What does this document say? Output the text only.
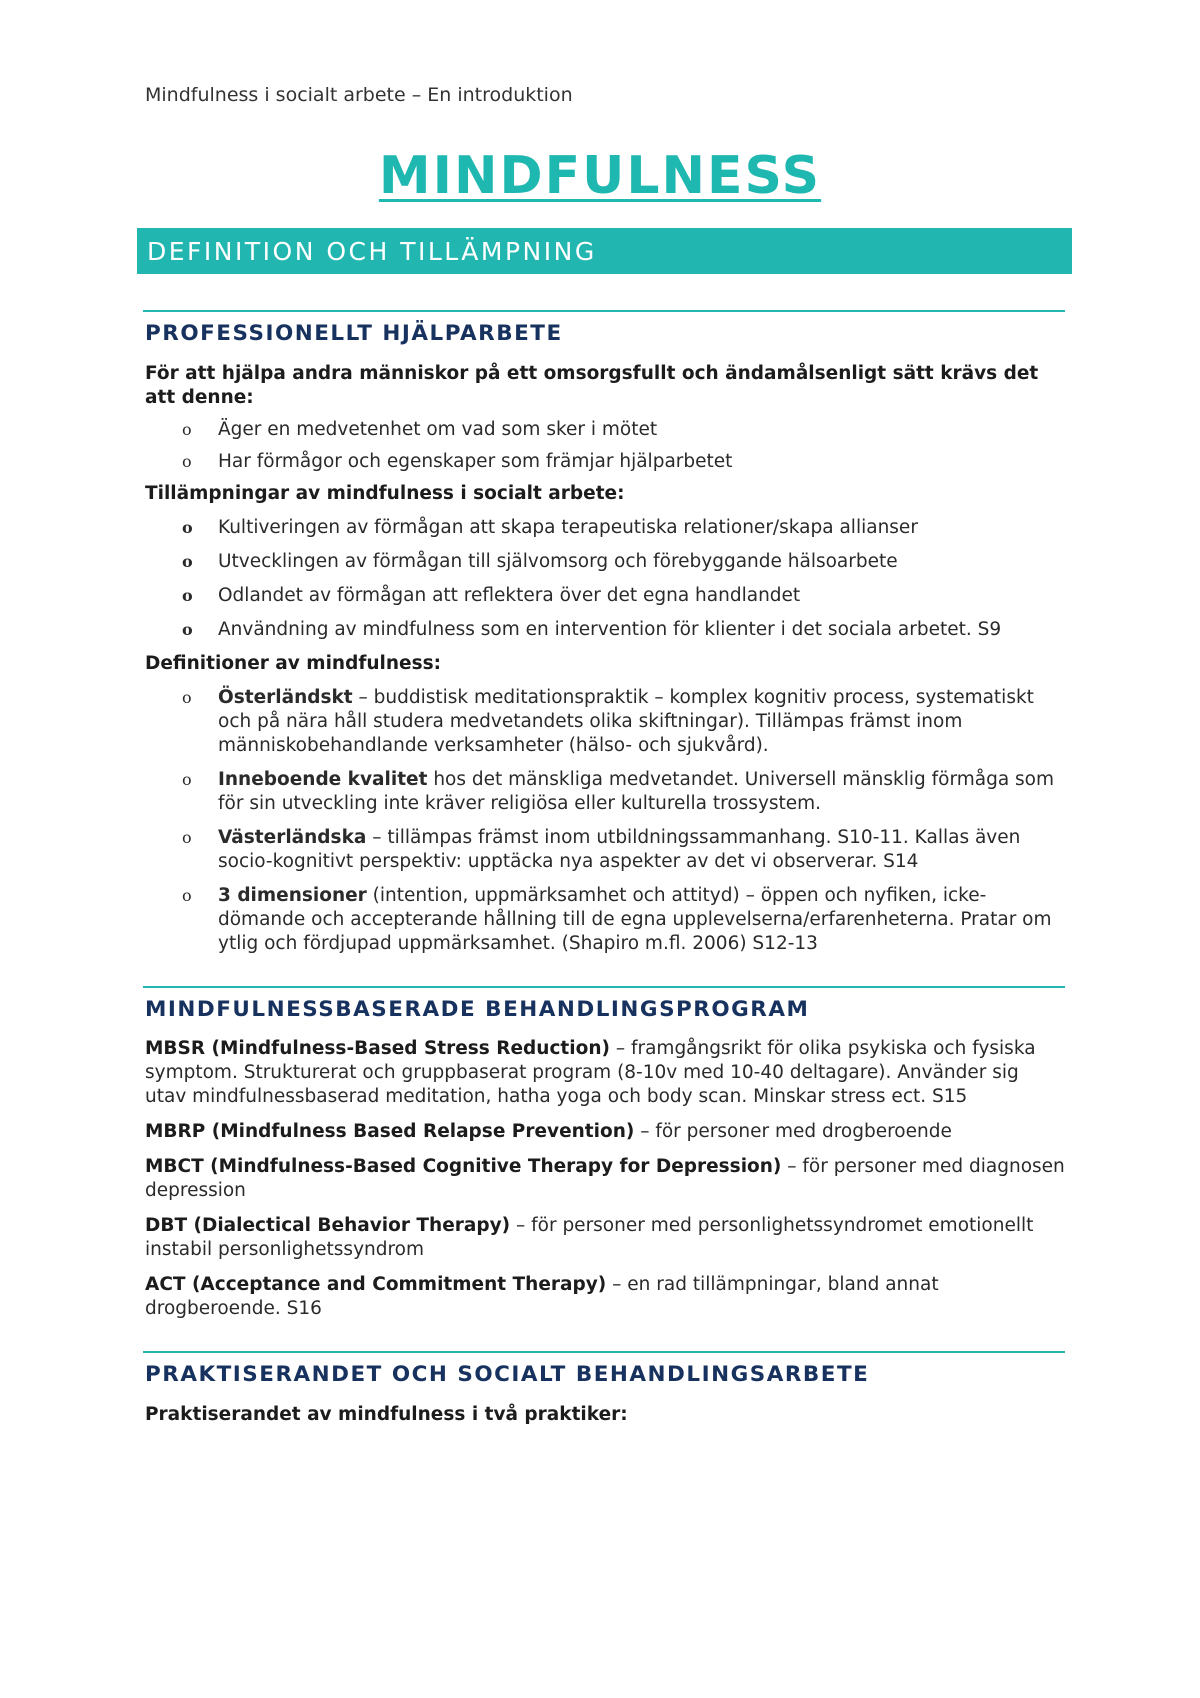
Mindfulness i socialt arbete – En introduktion
MINDFULNESS
DEFINITION OCH TILLÄMPNING
PROFESSIONELLT HJÄLPARBETE

För att hjälpa andra människor på ett omsorgsfullt och ändamålsenligt sätt krävs det att denne:

o Äger en medvetenhet om vad som sker i mötet
o Har förmågor och egenskaper som främjar hjälparbetet

Tillämpningar av mindfulness i socialt arbete:

o Kultiveringen av förmågan att skapa terapeutiska relationer/skapa allianser
o Utvecklingen av förmågan till självomsorg och förebyggande hälsoarbete
o Odlandet av förmågan att reflektera över det egna handlandet
o Användning av mindfulness som en intervention för klienter i det sociala arbetet. S9

Definitioner av mindfulness:

o Österländskt – buddistisk meditationspraktik – komplex kognitiv process, systematiskt och på nära håll studera medvetandets olika skiftningar). Tillämpas främst inom människobehandlande verksamheter (hälso- och sjukvård).
o Inneboende kvalitet hos det mänskliga medvetandet. Universell mänsklig förmåga som för sin utveckling inte kräver religiösa eller kulturella trossystem.
o Västerländska – tillämpas främst inom utbildningssammanhang. S10-11. Kallas även socio-kognitivt perspektiv: upptäcka nya aspekter av det vi observerar. S14
o 3 dimensioner (intention, uppmärksamhet och attityd) – öppen och nyfiken, icke-dömande och accepterande hållning till de egna upplevelserna/erfarenheterna. Pratar om ytlig och fördjupad uppmärksamhet. (Shapiro m.fl. 2006) S12-13
MINDFULNESSBASERADE BEHANDLINGSPROGRAM

MBSR (Mindfulness-Based Stress Reduction) – framgångsrikt för olika psykiska och fysiska symptom. Strukturerat och gruppbaserat program (8-10v med 10-40 deltagare). Använder sig utav mindfulnessbaserad meditation, hatha yoga och body scan. Minskar stress ect. S15

MBRP (Mindfulness Based Relapse Prevention) – för personer med drogberoende

MBCT (Mindfulness-Based Cognitive Therapy for Depression) – för personer med diagnosen depression

DBT (Dialectical Behavior Therapy) – för personer med personlighetssyndromet emotionellt instabil personlighetssyndrom

ACT (Acceptance and Commitment Therapy) – en rad tillämpningar, bland annat drogberoende. S16

PRAKTISERANDET OCH SOCIALT BEHANDLINGSARBETE

Praktiserandet av mindfulness i två praktiker:
